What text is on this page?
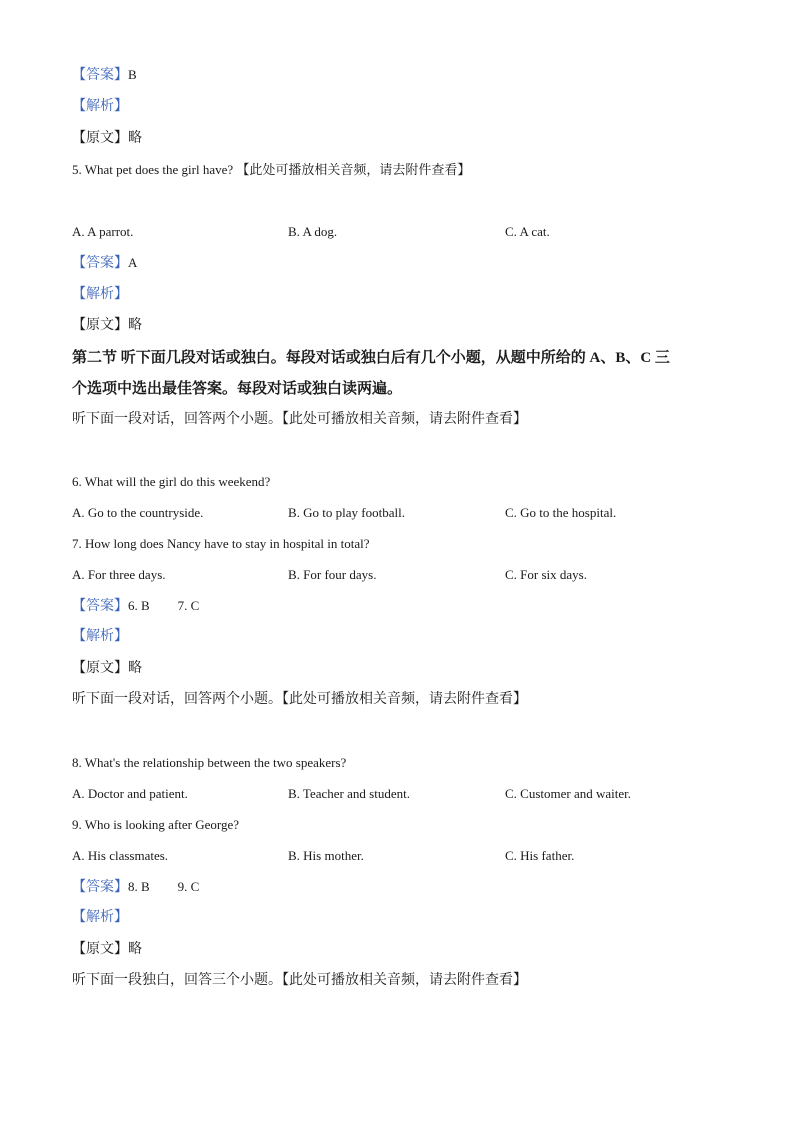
【答案】B
【解析】
【原文】略
5. What pet does the girl have? 【此处可播放相关音频，请去附件查看】
A. A parrot.	B. A dog.	C. A cat.
【答案】A
【解析】
【原文】略
第二节 听下面几段对话或独白。每段对话或独白后有几个小题，从题中所给的 A、B、C 三
个选项中选出最佳答案。每段对话或独白读两遍。
听下面一段对话，回答两个小题。【此处可播放相关音频，请去附件查看】
6. What will the girl do this weekend?
A. Go to the countryside.	B. Go to play football.	C. Go to the hospital.
7. How long does Nancy have to stay in hospital in total?
A. For three days.	B. For four days.	C. For six days.
【答案】6. B 7. C
【解析】
【原文】略
听下面一段对话，回答两个小题。【此处可播放相关音频，请去附件查看】
8. What's the relationship between the two speakers?
A. Doctor and patient.	B. Teacher and student.	C. Customer and waiter.
9. Who is looking after George?
A. His classmates.	B. His mother.	C. His father.
【答案】8. B 9. C
【解析】
【原文】略
听下面一段独白，回答三个小题。【此处可播放相关音频，请去附件查看】
